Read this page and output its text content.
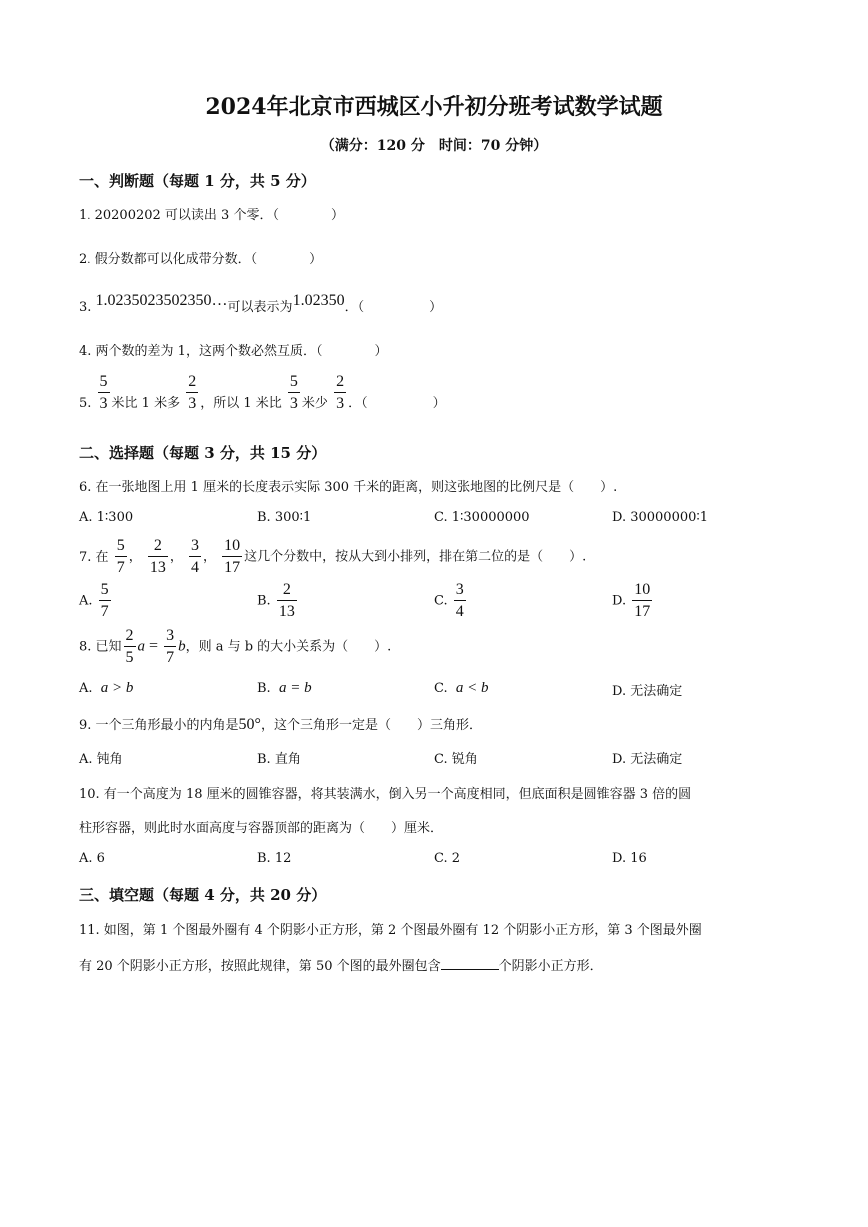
2024年北京市西城区小升初分班考试数学试题
（满分：120 分　时间：70 分钟）
一、判断题（每题 1 分，共 5 分）
1. 20200202 可以读出 3 个零．（　　　　）
2. 假分数都可以化成带分数．（　　　　）
3. 1.0235023502350…可以表示为1.02350．（　　　　　）
4. 两个数的差为 1，这两个数必然互质．（　　　　）
5. $\frac{5}{3}$ 米比 1 米多 $\frac{2}{3}$ ，所以 1 米比 $\frac{5}{3}$ 米少 $\frac{2}{3}$ ．（　　　　　）
二、选择题（每题 3 分，共 15 分）
6. 在一张地图上用 1 厘米的长度表示实际 300 千米的距离，则这张地图的比例尺是（　　）.
A. 1∶300	B. 300∶1	C. 1∶30000000	D. 30000000∶1
7. 在 $\frac{5}{7}$ ， $\frac{2}{13}$ ， $\frac{3}{4}$ ， $\frac{10}{17}$ 这几个分数中，按从大到小排列，排在第二位的是（　　）.
A. $\frac{5}{7}$	B. $\frac{2}{13}$	C. $\frac{3}{4}$	D. $\frac{10}{17}$
8. 已知 $\frac{2}{5}$ $a = \frac{3}{7}$ b，则 a 与 b 的大小关系为（　　）.
A. a > b	B. a = b	C. a < b	D. 无法确定
9. 一个三角形最小的内角是50°，这个三角形一定是（　　）三角形．
A. 钝角	B. 直角	C. 锐角	D. 无法确定
10. 有一个高度为 18 厘米的圆锥容器，将其装满水，倒入另一个高度相同，但底面积是圆锥容器 3 倍的圆
柱形容器，则此时水面高度与容器顶部的距离为（　　）厘米．
A. 6	B. 12	C. 2	D. 16
三、填空题（每题 4 分，共 20 分）
11. 如图，第 1 个图最外圈有 4 个阴影小正方形，第 2 个图最外圈有 12 个阴影小正方形，第 3 个图最外圈
有 20 个阴影小正方形，按照此规律，第 50 个图的最外圈包含	个阴影小正方形．
